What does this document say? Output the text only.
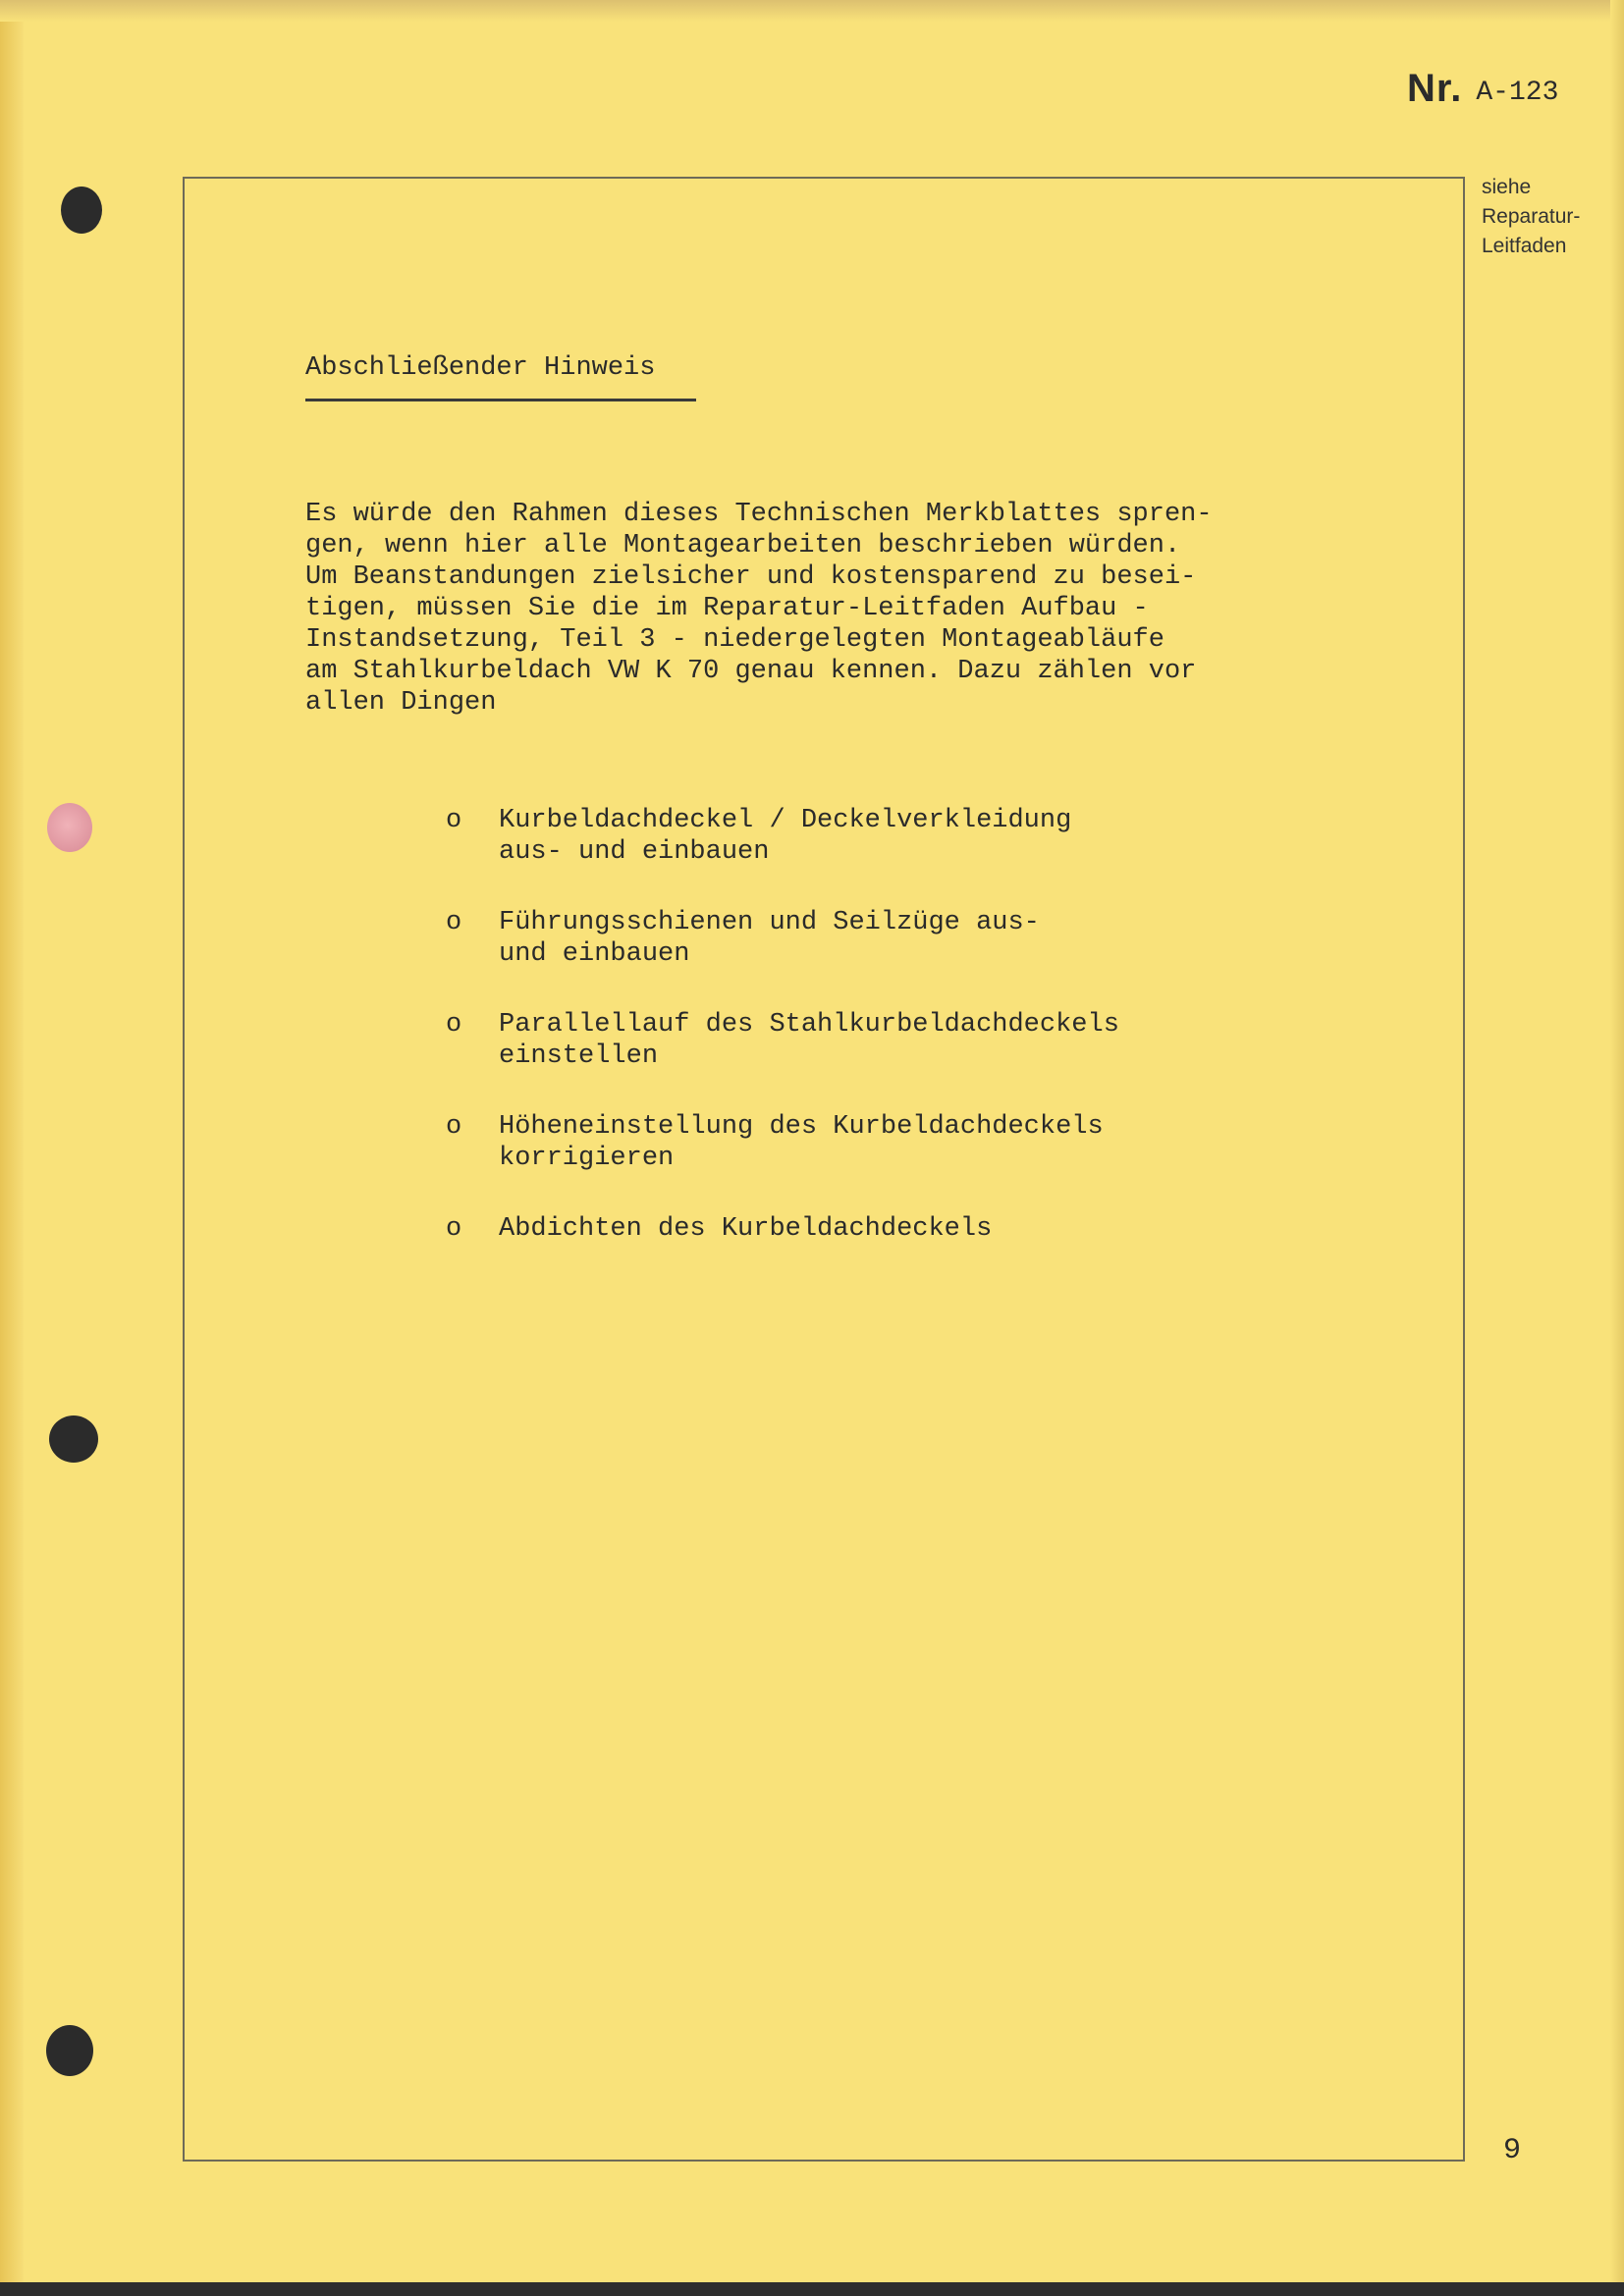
Nr. A-123
siehe
Reparatur-
Leitfaden
Abschließender Hinweis
Es würde den Rahmen dieses Technischen Merkblattes spren-
gen, wenn hier alle Montagearbeiten beschrieben würden.
Um Beanstandungen zielsicher und kostensparend zu besei-
tigen, müssen Sie die im Reparatur-Leitfaden Aufbau -
Instandsetzung, Teil 3 - niedergelegten Montageabläufe
am Stahlkurbeldach VW K 70 genau kennen. Dazu zählen vor
allen Dingen
o Kurbeldachdeckel / Deckelverkleidung
aus- und einbauen
o Führungsschienen und Seilzüge aus-
und einbauen
o Parallellauf des Stahlkurbeldachdeckels
einstellen
o Höheneinstellung des Kurbeldachdeckels
korrigieren
o Abdichten des Kurbeldachdeckels
9
